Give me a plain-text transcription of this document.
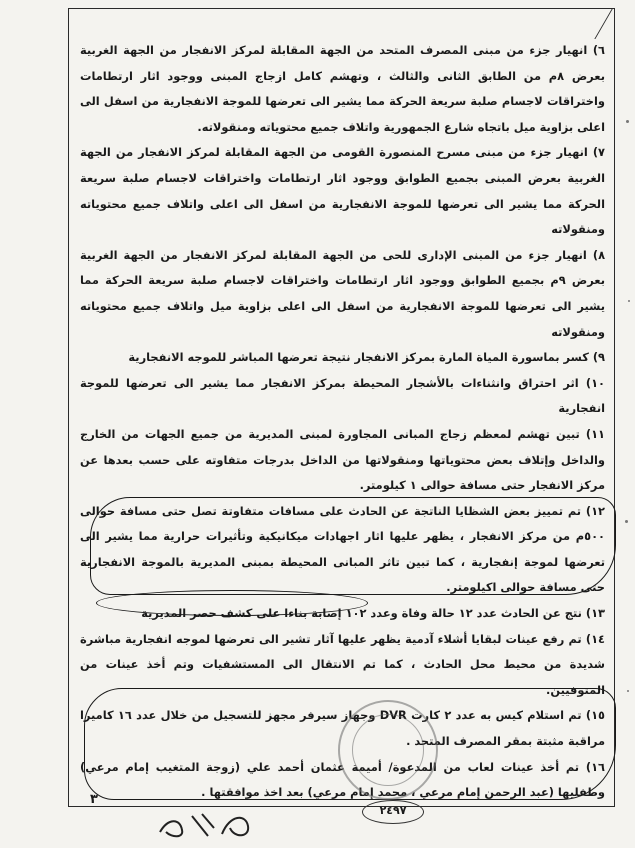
٦) انهيار جزء من مبنى المصرف المتحد من الجهة المقابلة لمركز الانفجار من الجهة الغربية بعرض ٨م من الطابق الثانى والثالث ، وتهشم كامل ازجاج المبنى ووجود اثار ارتطامات واختراقات لاجسام صلبة سريعة الحركة مما يشير الى تعرضها للموجة الانفجارية من اسفل الى اعلى بزاوية ميل باتجاه شارع الجمهورية واتلاف جميع محتوياته ومنقولاته.

٧) انهيار جزء من مبنى مسرح المنصورة القومى من الجهة المقابلة لمركز الانفجار من الجهة الغربية بعرض المبنى بجميع الطوابق ووجود اثار ارتطامات واختراقات لاجسام صلبة سريعة الحركة مما يشير الى تعرضها للموجة الانفجارية من اسفل الى اعلى واتلاف جميع محتوياته ومنقولاته

٨) انهيار جزء من المبنى الإدارى للحى من الجهة المقابلة لمركز الانفجار من الجهة الغربية بعرض ٩م بجميع الطوابق ووجود اثار ارتطامات واختراقات لاجسام صلبة سريعة الحركة مما يشير الى تعرضها للموجة الانفجارية من اسفل الى اعلى بزاوية ميل واتلاف جميع محتوياته ومنقولاته

٩) كسر بماسورة المياة المارة بمركز الانفجار نتيجة تعرضها المباشر للموجه الانفجارية

١٠) اثر احتراق وانثناءات بالأشجار المحيطة بمركز الانفجار مما يشير الى تعرضها للموجة انفجارية

١١) تبين تهشم لمعظم زجاج المبانى المجاورة لمبنى المديرية من جميع الجهات من الخارج والداخل وإتلاف بعض محتوياتها ومنقولاتها من الداخل بدرجات متفاوته على حسب بعدها عن مركز الانفجار حتى مسافة حوالى ١ كيلومتر.

١٢) تم تمييز بعض الشظايا الناتجة عن الحادث على مسافات متفاوتة تصل حتى مسافة حوالى ٥٠٠م من مركز الانفجار ، يظهر عليها اثار اجهادات ميكانيكية وتأثيرات حرارية مما يشير الى تعرضها لموجة إنفجارية ، كما تبين تاثر المبانى المحيطة بمبنى المديرية بالموجة الانفجارية حتى مسافة حوالى اكيلومتر.

١٣) نتج عن الحادث عدد ١٢ حالة وفاة وعدد ١٠٢ إصابة بناءا على كشف حصر المديرية

١٤) تم رفع عينات لبقايا أشلاء آدمية يظهر عليها آثار تشير الى تعرضها لموجه انفجارية مباشرة شديدة من محيط محل الحادث ، كما تم الانتقال الى المستشفيات وتم أخذ عينات من المتوفيين.

١٥) تم استلام كيس به عدد ٢ كارت DVR وجهاز سيرفر مجهز للتسجيل من خلال عدد ١٦ كاميرا مراقبة مثبتة بمقر المصرف المتحد .

١٦) تم أخذ عينات لعاب من المدعوة/ أميمة عثمان أحمد علي (زوجة المتغيب إمام مرعي) وطفليها (عبد الرحمن إمام مرعي ، محمد إمام مرعي) بعد اخذ موافقتها .

٣
٢٤٩٧
